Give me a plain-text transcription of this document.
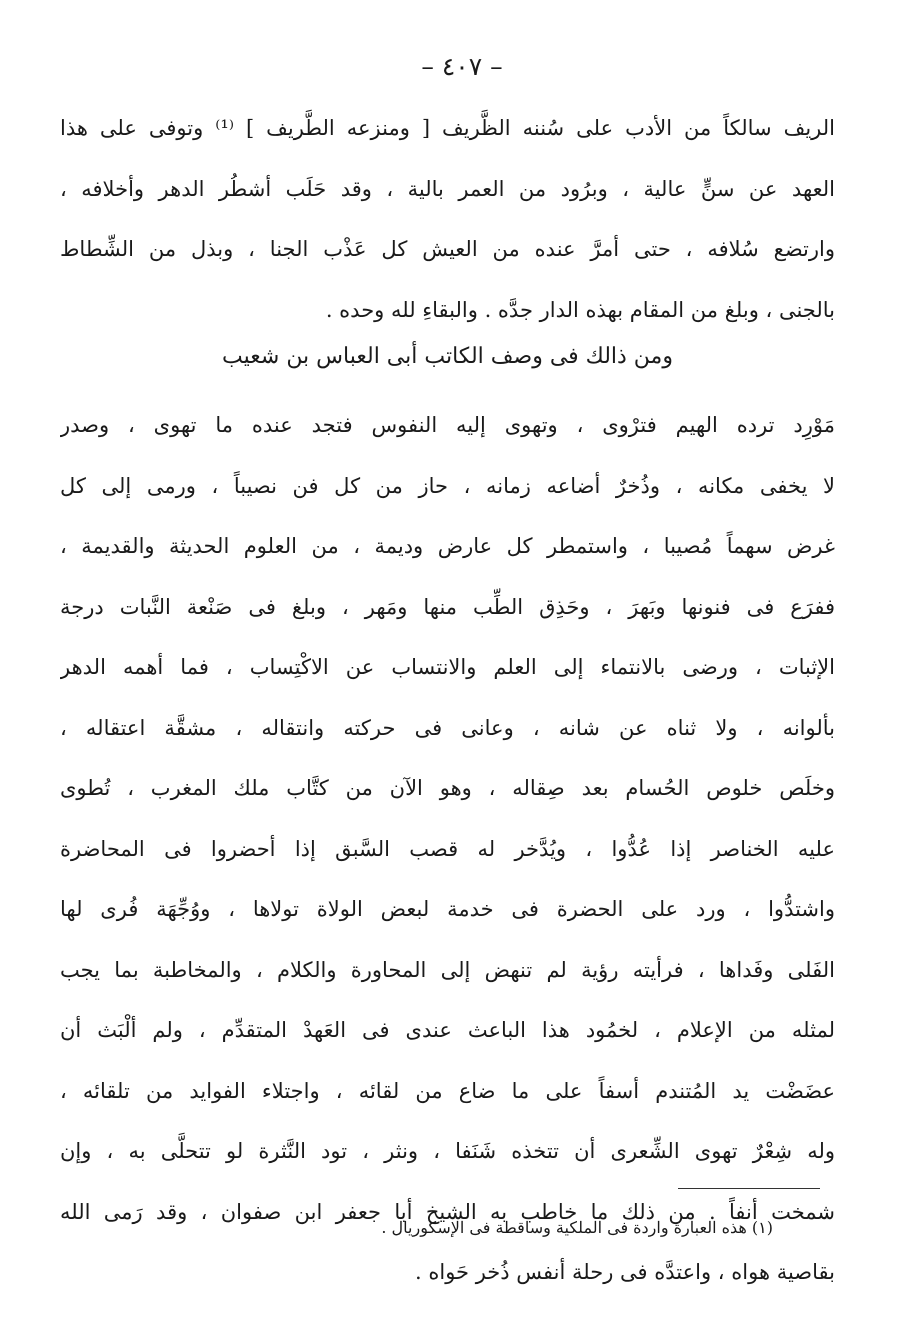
– ٤٠٧ –
الريف سالكاً من الأدب على سُننه الظَّريف [ ومنزعه الطَّريف ] ⁽¹⁾ وتوفى على هذا
العهد عن سنٍّ عالية ، وبرُود من العمر بالية ، وقد حَلَب أشطُر الدهر وأخلافه ،
وارتضع سُلافه ، حتى أمرَّ عنده من العيش كل عَذْب الجنا ، وبذل من الشِّطاط
بالجنى ، وبلغ من المقام بهذه الدار جدَّه . والبقاءِ لله وحده .
ومن ذالك فى وصف الكاتب أبى العباس بن شعيب
مَوْرِد ترده الهيم فترْوى ، وتهوى إليه النفوس فتجد عنده ما تهوى ، وصدر
لا يخفى مكانه ، وذُخرٌ أضاعه زمانه ، حاز من كل فن نصيباً ، ورمى إلى كل
غرض سهماً مُصيبا ، واستمطر كل عارض وديمة ، من العلوم الحديثة والقديمة ،
ففرَع فى فنونها وبَهرَ ، وحَذِق الطِّب منها ومَهر ، وبلغ فى صَنْعة النَّبات درجة
الإثبات ، ورضى بالانتماء إلى العلم والانتساب عن الاكْتِساب ، فما أهمه الدهر
بألوانه ، ولا ثناه عن شانه ، وعانى فى حركته وانتقاله ، مشقَّة اعتقاله ،
وخلَص خلوص الحُسام بعد صِقاله ، وهو الآن من كتَّاب ملك المغرب ، تُطوى
عليه الخناصر إذا عُدُّوا ، ويُدَّخر له قصب السَّبق إذا أحضروا فى المحاضرة
واشتدُّوا ، ورد على الحضرة فى خدمة لبعض الولاة تولاها ، ووُجِّهَة فُرى لها
الفَلى وفَداها ، فرأيته رؤية لم تنهض إلى المحاورة والكلام ، والمخاطبة بما يجب
لمثله من الإعلام ، لخمُود هذا الباعث عندى فى العَهدْ المتقدِّم ، ولم ألْبَث أن
عضَضْت يد المُتندم أسفاً على ما ضاع من لقائه ، واجتلاء الفوايد من تلقائه ،
وله شِعْرٌ تهوى الشِّعرى أن تتخذه شَنَفا ، ونثر ، تود النَّثرة لو تتحلَّى به ، وإن
شمخت أنفاً . من ذلك ما خاطب به الشيخ أبا جعفر ابن صفوان ، وقد رَمى الله
بقاصية هواه ، واعتدَّه فى رحلة أنفس ذُخر حَواه .
(١) هذه العبارة واردة فى الملكية وساقطة فى الإسكوريال .
